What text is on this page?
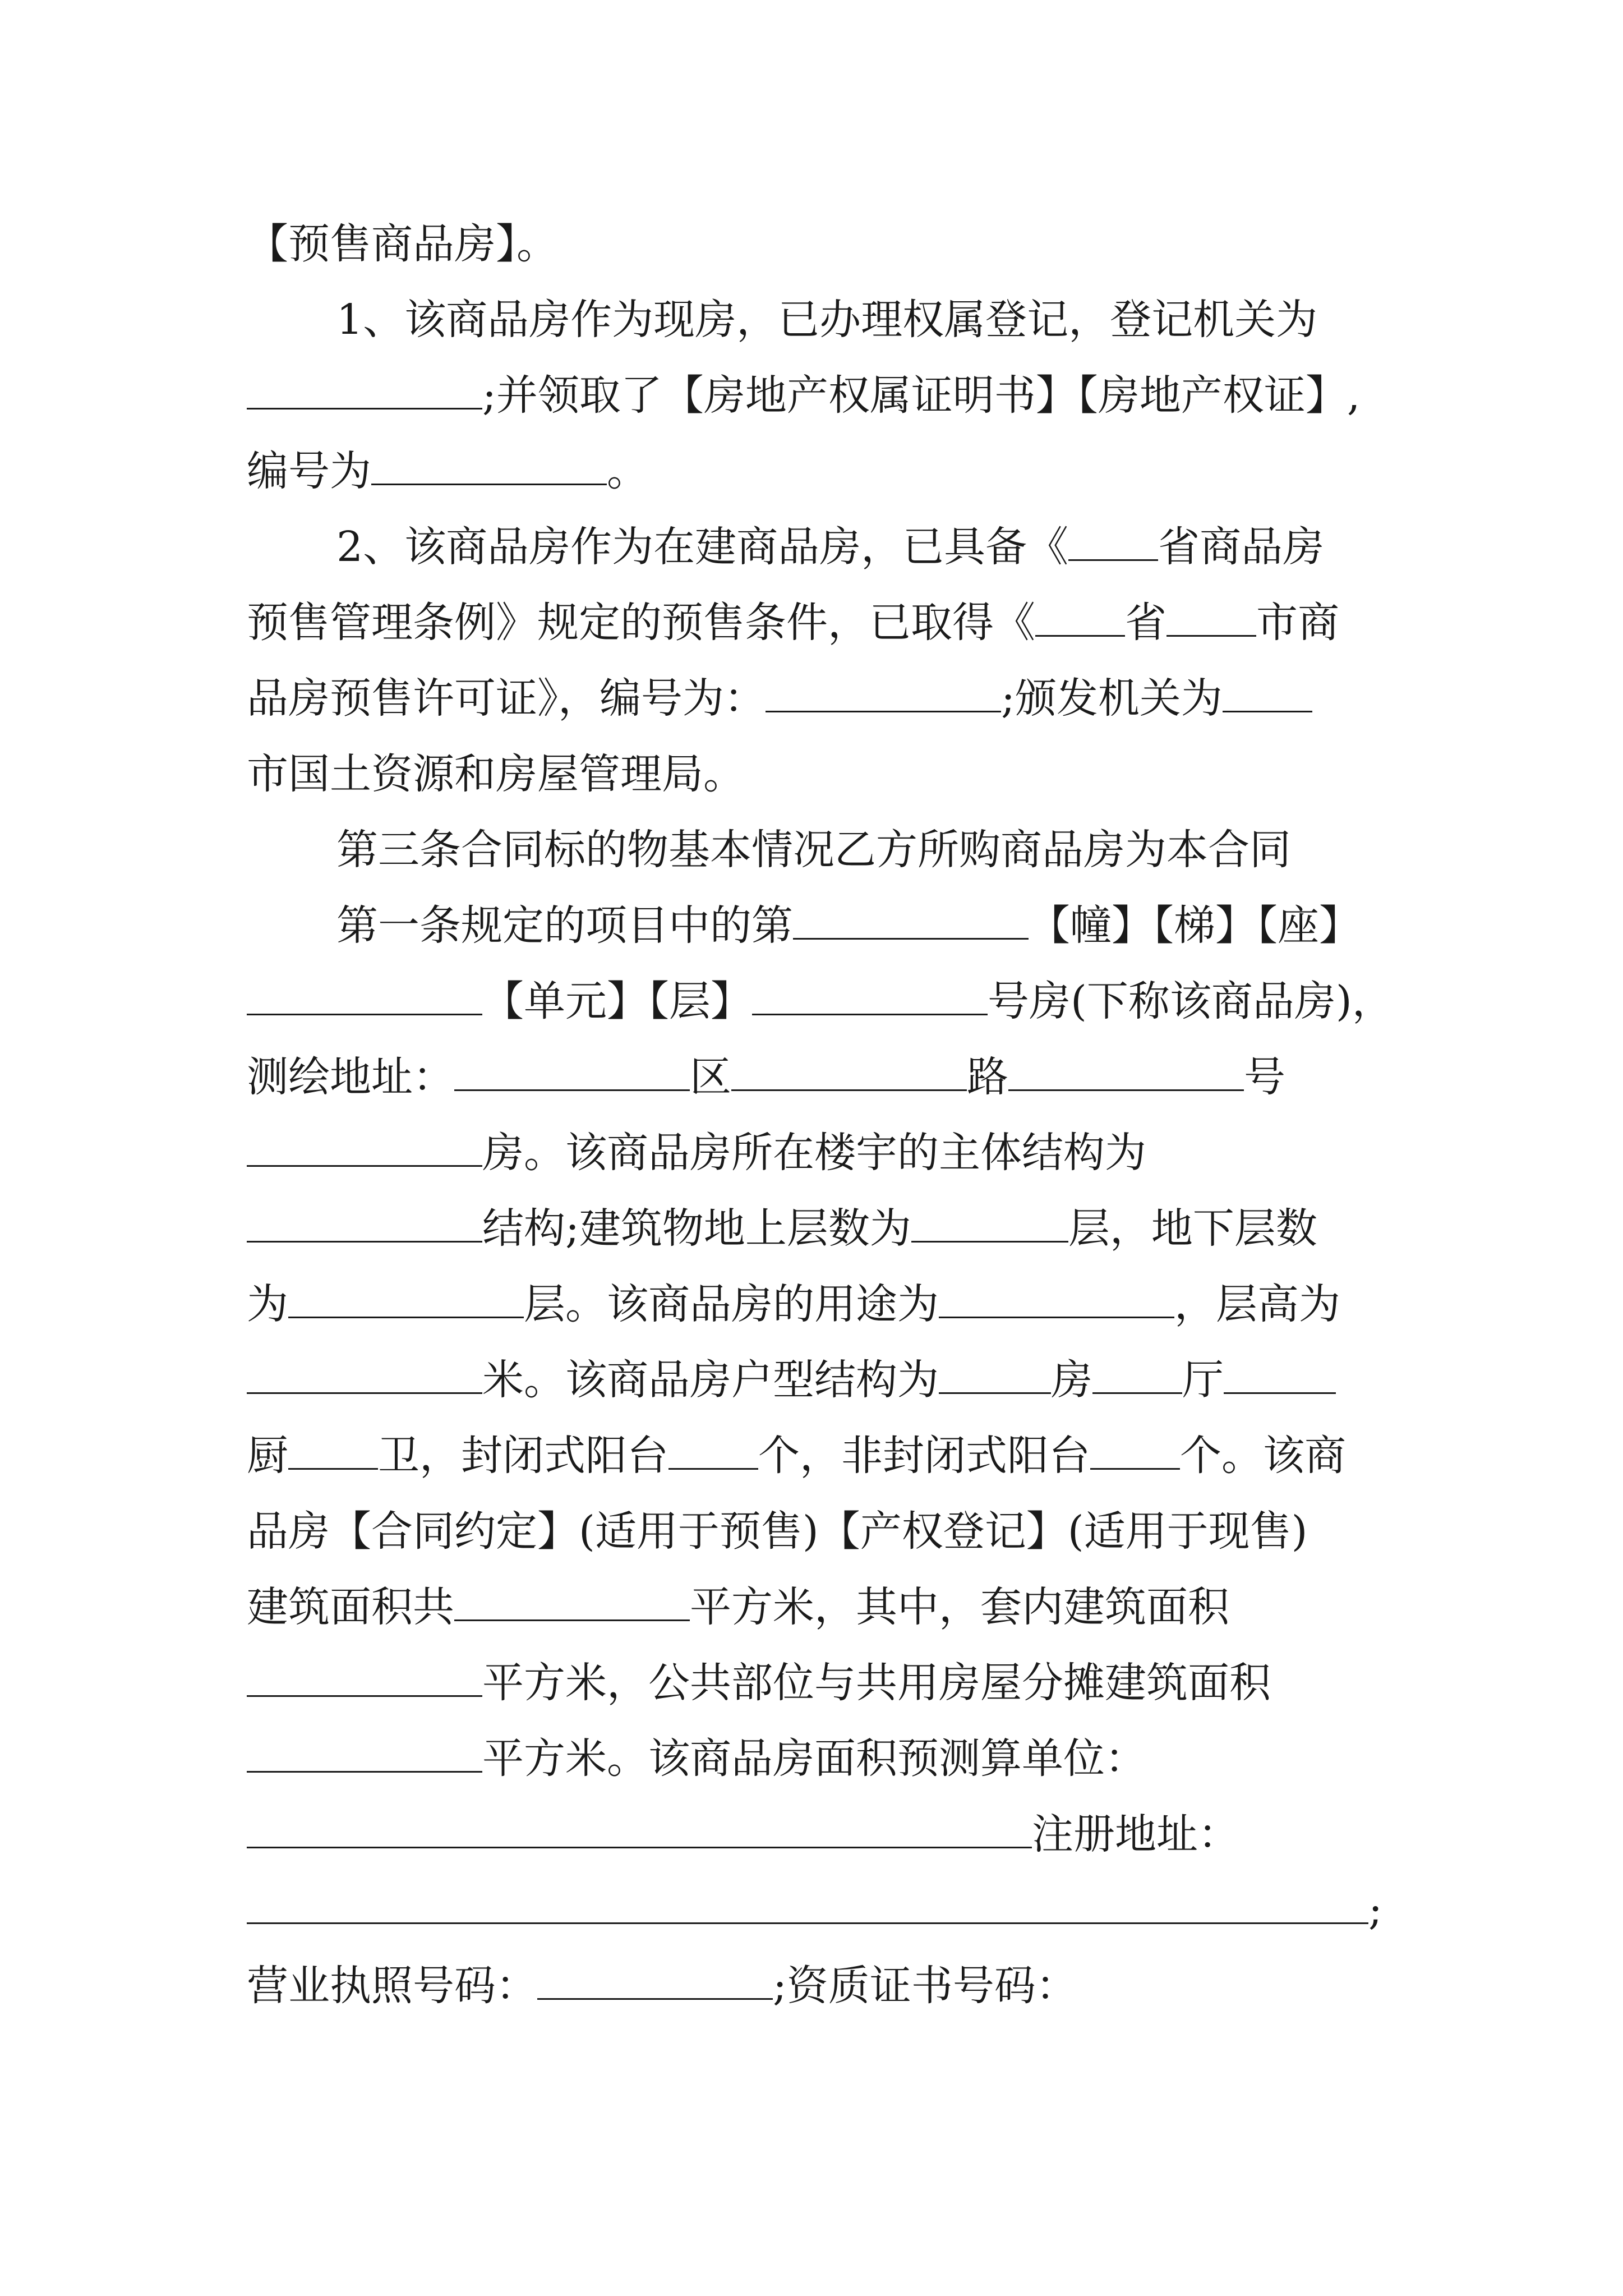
【预售商品房】。
1、该商品房作为现房，已办理权属登记，登记机关为
;并领取了【房地产权属证明书】【房地产权证】,
编号为	。
2、该商品房作为在建商品房，已具备《 省商品房
预售管理条例》规定的预售条件，已取得《 省 市商
品房预售许可证》，编号为：	;颁发机关为
市国土资源和房屋管理局。
第三条合同标的物基本情况乙方所购商品房为本合同
第一条规定的项目中的第	【幢】【梯】【座】
【单元】【层】	号房(下称该商品房)，
测绘地址：	区	路	号
房。该商品房所在楼宇的主体结构为
结构;建筑物地上层数为	层，地下层数
为	层。该商品房的用途为	，层高为
米。该商品房户型结构为	房 厅
厨 卫，封闭式阳台 个，非封闭式阳台 个。该商
品房【合同约定】(适用于预售)【产权登记】(适用于现售)
建筑面积共	平方米，其中，套内建筑面积
平方米，公共部位与共用房屋分摊建筑面积
平方米。该商品房面积预测算单位：
注册地址：
;
营业执照号码：	;资质证书号码：
